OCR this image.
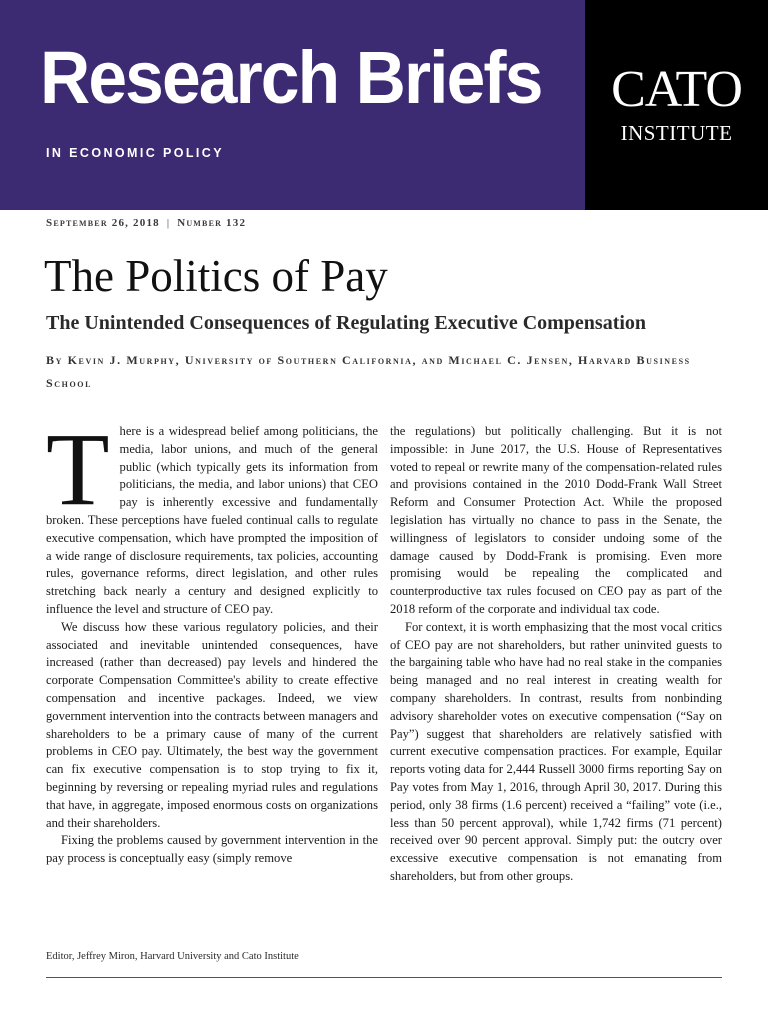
Research Briefs
IN ECONOMIC POLICY
CATO
INSTITUTE
September 26, 2018 | Number 132
The Politics of Pay
The Unintended Consequences of Regulating Executive Compensation
By Kevin J. Murphy, University of Southern California, and Michael C. Jensen, Harvard Business School

There is a widespread belief among politicians, the media, labor unions, and much of the general public (which typically gets its information from politicians, the media, and labor unions) that CEO pay is inherently excessive and fundamentally broken. These perceptions have fueled continual calls to regulate executive compensation, which have prompted the imposition of a wide range of disclosure requirements, tax policies, accounting rules, governance reforms, direct legislation, and other rules stretching back nearly a century and designed explicitly to influence the level and structure of CEO pay.

We discuss how these various regulatory policies, and their associated and inevitable unintended consequences, have increased (rather than decreased) pay levels and hindered the corporate Compensation Committee's ability to create effective compensation and incentive packages. Indeed, we view government intervention into the contracts between managers and shareholders to be a primary cause of many of the current problems in CEO pay. Ultimately, the best way the government can fix executive compensation is to stop trying to fix it, beginning by reversing or repealing myriad rules and regulations that have, in aggregate, imposed enormous costs on organizations and their shareholders.

Fixing the problems caused by government intervention in the pay process is conceptually easy (simply remove

the regulations) but politically challenging. But it is not impossible: in June 2017, the U.S. House of Representatives voted to repeal or rewrite many of the compensation-related rules and provisions contained in the 2010 Dodd-Frank Wall Street Reform and Consumer Protection Act. While the proposed legislation has virtually no chance to pass in the Senate, the willingness of legislators to consider undoing some of the damage caused by Dodd-Frank is promising. Even more promising would be repealing the complicated and counterproductive tax rules focused on CEO pay as part of the 2018 reform of the corporate and individual tax code.

For context, it is worth emphasizing that the most vocal critics of CEO pay are not shareholders, but rather uninvited guests to the bargaining table who have had no real stake in the companies being managed and no real interest in creating wealth for company shareholders. In contrast, results from nonbinding advisory shareholder votes on executive compensation (“Say on Pay”) suggest that shareholders are relatively satisfied with current executive compensation practices. For example, Equilar reports voting data for 2,444 Russell 3000 firms reporting Say on Pay votes from May 1, 2016, through April 30, 2017. During this period, only 38 firms (1.6 percent) received a “failing” vote (i.e., less than 50 percent approval), while 1,742 firms (71 percent) received over 90 percent approval. Simply put: the outcry over excessive executive compensation is not emanating from shareholders, but from other groups.

Editor, Jeffrey Miron, Harvard University and Cato Institute
